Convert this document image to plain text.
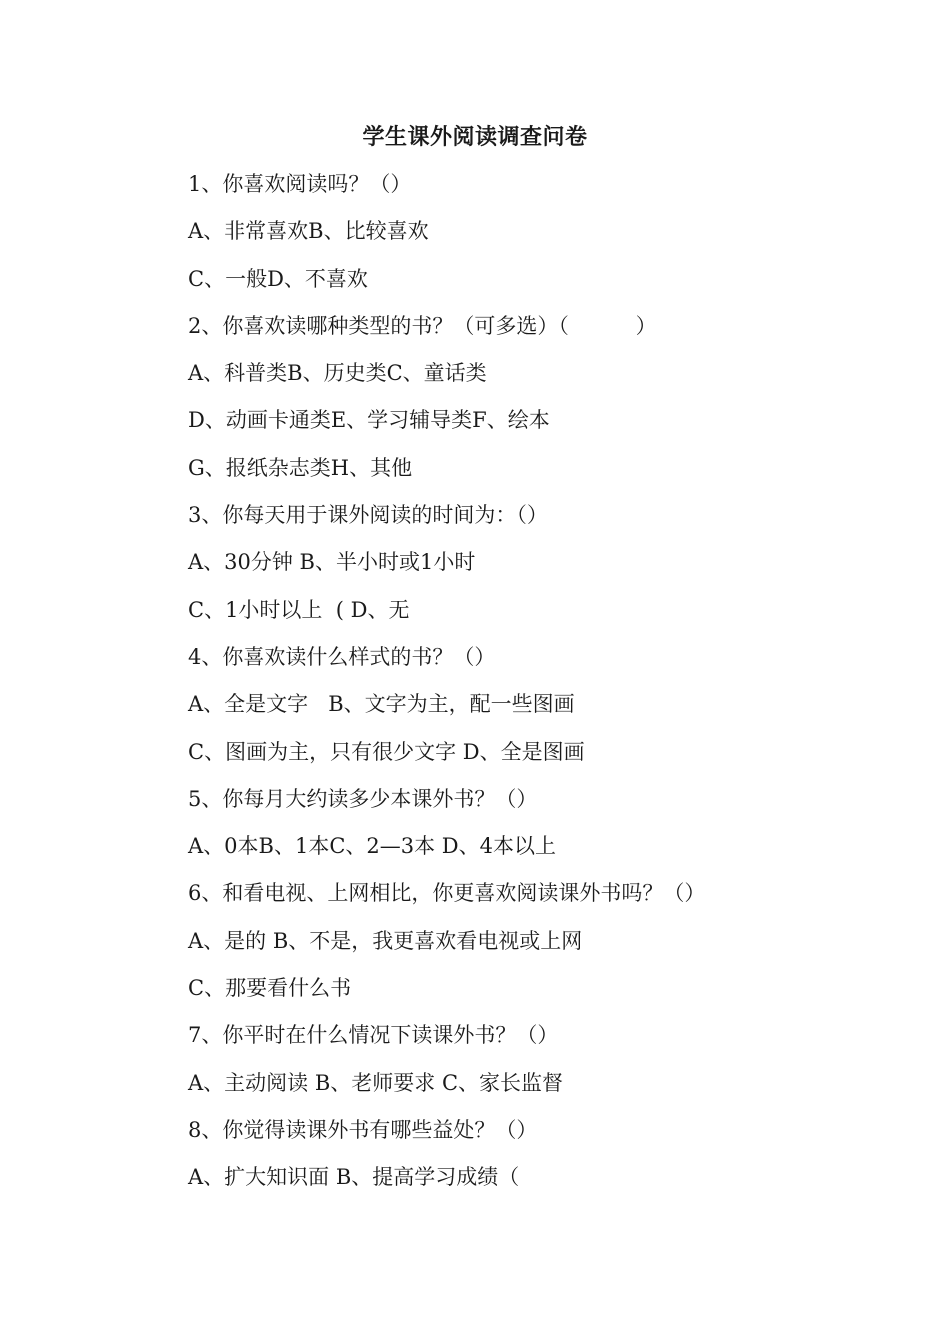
学生课外阅读调查问卷
1、你喜欢阅读吗？（）
A、非常喜欢B、比较喜欢
C、一般D、不喜欢
2、你喜欢读哪种类型的书？（可多选）（          ）
A、科普类B、历史类C、童话类
D、动画卡通类E、学习辅导类F、绘本
G、报纸杂志类H、其他
3、你每天用于课外阅读的时间为：（）
A、30分钟 B、半小时或1小时
C、1小时以上  ( D、无
4、你喜欢读什么样式的书？（）
A、全是文字   B、文字为主，配一些图画
C、图画为主，只有很少文字 D、全是图画
5、你每月大约读多少本课外书？（）
A、0本B、1本C、2—3本 D、4本以上
6、和看电视、上网相比，你更喜欢阅读课外书吗？（）
A、是的 B、不是，我更喜欢看电视或上网
C、那要看什么书
7、你平时在什么情况下读课外书？（）
A、主动阅读 B、老师要求 C、家长监督
8、你觉得读课外书有哪些益处？（）
A、扩大知识面 B、提高学习成绩（
